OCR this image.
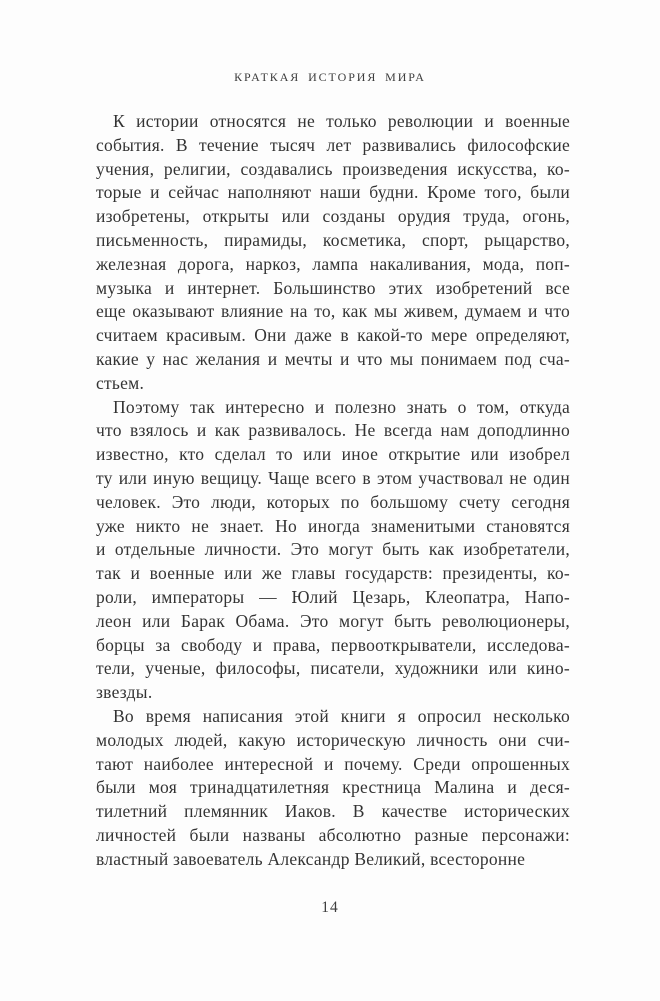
КРАТКАЯ ИСТОРИЯ МИРА
К истории относятся не только революции и военные
события. В течение тысяч лет развивались философские
учения, религии, создавались произведения искусства, ко-
торые и сейчас наполняют наши будни. Кроме того, были
изобретены, открыты или созданы орудия труда, огонь,
письменность, пирамиды, косметика, спорт, рыцарство,
железная дорога, наркоз, лампа накаливания, мода, поп-
музыка и интернет. Большинство этих изобретений все
еще оказывают влияние на то, как мы живем, думаем и что
считаем красивым. Они даже в какой-то мере определяют,
какие у нас желания и мечты и что мы понимаем под сча-
стьем.
Поэтому так интересно и полезно знать о том, откуда
что взялось и как развивалось. Не всегда нам доподлинно
известно, кто сделал то или иное открытие или изобрел
ту или иную вещицу. Чаще всего в этом участвовал не один
человек. Это люди, которых по большому счету сегодня
уже никто не знает. Но иногда знаменитыми становятся
и отдельные личности. Это могут быть как изобретатели,
так и военные или же главы государств: президенты, ко-
роли, императоры — Юлий Цезарь, Клеопатра, Напо-
леон или Барак Обама. Это могут быть революционеры,
борцы за свободу и права, первооткрыватели, исследова-
тели, ученые, философы, писатели, художники или кино-
звезды.
Во время написания этой книги я опросил несколько
молодых людей, какую историческую личность они счи-
тают наиболее интересной и почему. Среди опрошенных
были моя тринадцатилетняя крестница Малина и деся-
тилетний племянник Иаков. В качестве исторических
личностей были названы абсолютно разные персонажи:
властный завоеватель Александр Великий, всесторонне
14
